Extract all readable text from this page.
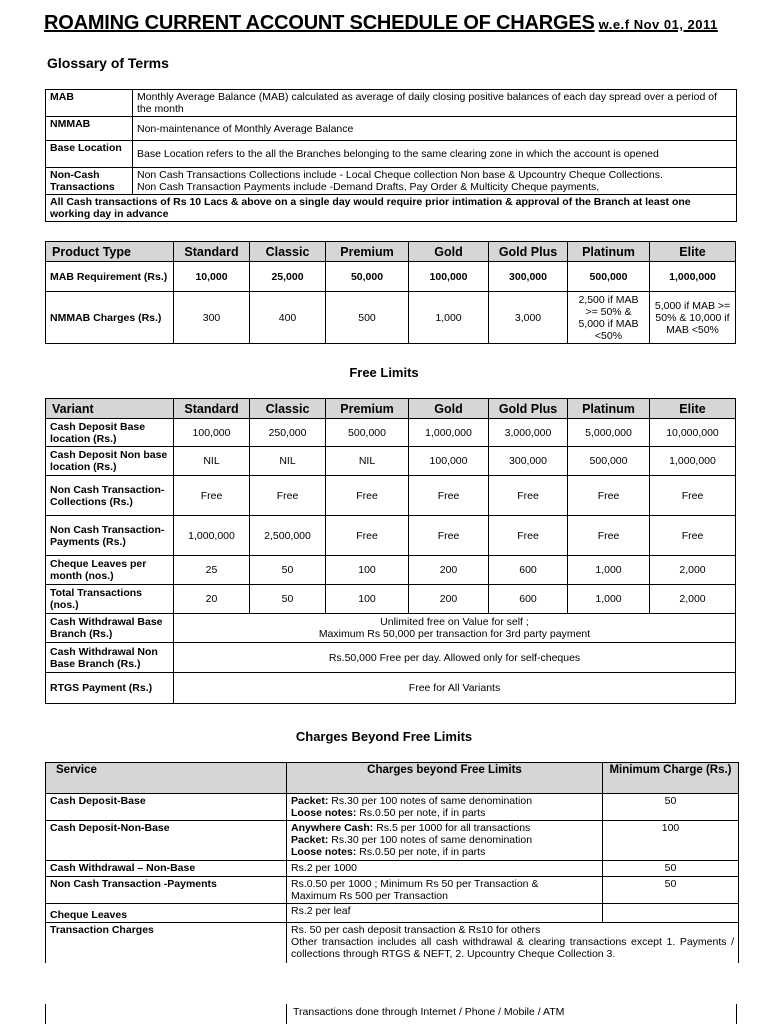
ROAMING CURRENT ACCOUNT SCHEDULE OF CHARGES w.e.f Nov 01, 2011
Glossary of Terms
MAB	Monthly Average Balance (MAB) calculated as average of daily closing positive balances of each day spread over a period of the month
NMMAB	Non-maintenance of Monthly Average Balance
Base Location	Base Location refers to the all the Branches belonging to the same clearing zone in which the account is opened
Non-Cash Transactions	Non Cash Transactions Collections include - Local Cheque collection Non base & Upcountry Cheque Collections.
Non Cash Transaction Payments include -Demand Drafts, Pay Order & Multicity Cheque payments,

All Cash transactions of Rs 10 Lacs & above on a single day would require prior intimation & approval of the Branch at least one working day in advance	
Product Type	Standard	Classic	Premium	Gold	Gold Plus	Platinum	Elite
MAB Requirement (Rs.)	10,000	25,000	50,000	100,000	300,000	500,000	1,000,000
NMMAB Charges (Rs.)	300	400	500	1,000	3,000	2,500 if MAB >= 50% & 5,000 if MAB <50%	5,000 if MAB >= 50% & 10,000 if MAB <50%
Free Limits
Variant	Standard	Classic	Premium	Gold	Gold Plus	Platinum	Elite
Cash Deposit Base location (Rs.)	100,000	250,000	500,000	1,000,000	3,000,000	5,000,000	10,000,000
Cash Deposit Non base location (Rs.)	NIL	NIL	NIL	100,000	300,000	500,000	1,000,000
Non Cash Transaction- Collections (Rs.)	Free	Free	Free	Free	Free	Free	Free
Non Cash Transaction- Payments (Rs.)	1,000,000	2,500,000	Free	Free	Free	Free	Free
Cheque Leaves per month (nos.)	25	50	100	200	600	1,000	2,000
Total Transactions (nos.)	20	50	100	200	600	1,000	2,000
Cash Withdrawal Base Branch (Rs.)	Unlimited free on Value for self ;
Maximum Rs 50,000 per transaction for 3rd party payment						

Cash Withdrawal Non Base Branch (Rs.)	Rs.50,000 Free per day. Allowed only for self-cheques						
RTGS Payment (Rs.)	Free for All Variants						
Charges Beyond Free Limits
Service	Charges beyond Free Limits	Minimum Charge (Rs.)
Cash Deposit-Base	Packet: Rs.30 per 100 notes of same denomination
Loose notes: Rs.0.50 per note, if in parts	50
Cash Deposit-Non-Base	Anywhere Cash: Rs.5 per 1000 for all transactions
Packet: Rs.30 per 100 notes of same denomination
Loose notes: Rs.0.50 per note, if in parts	100
Cash Withdrawal – Non-Base	Rs.2 per 1000	50
Non Cash Transaction -Payments	Rs.0.50 per 1000 ; Minimum Rs 50 per Transaction &
Maximum Rs 500 per Transaction	50
Cheque Leaves	Rs.2 per leaf	
Transaction Charges	Rs. 50 per cash deposit transaction & Rs10 for others
Other transaction includes all cash withdrawal & clearing transactions except 1. Payments / collections through RTGS & NEFT, 2. Upcountry Cheque Collection 3.	
Transactions done through Internet / Phone / Mobile / ATM
